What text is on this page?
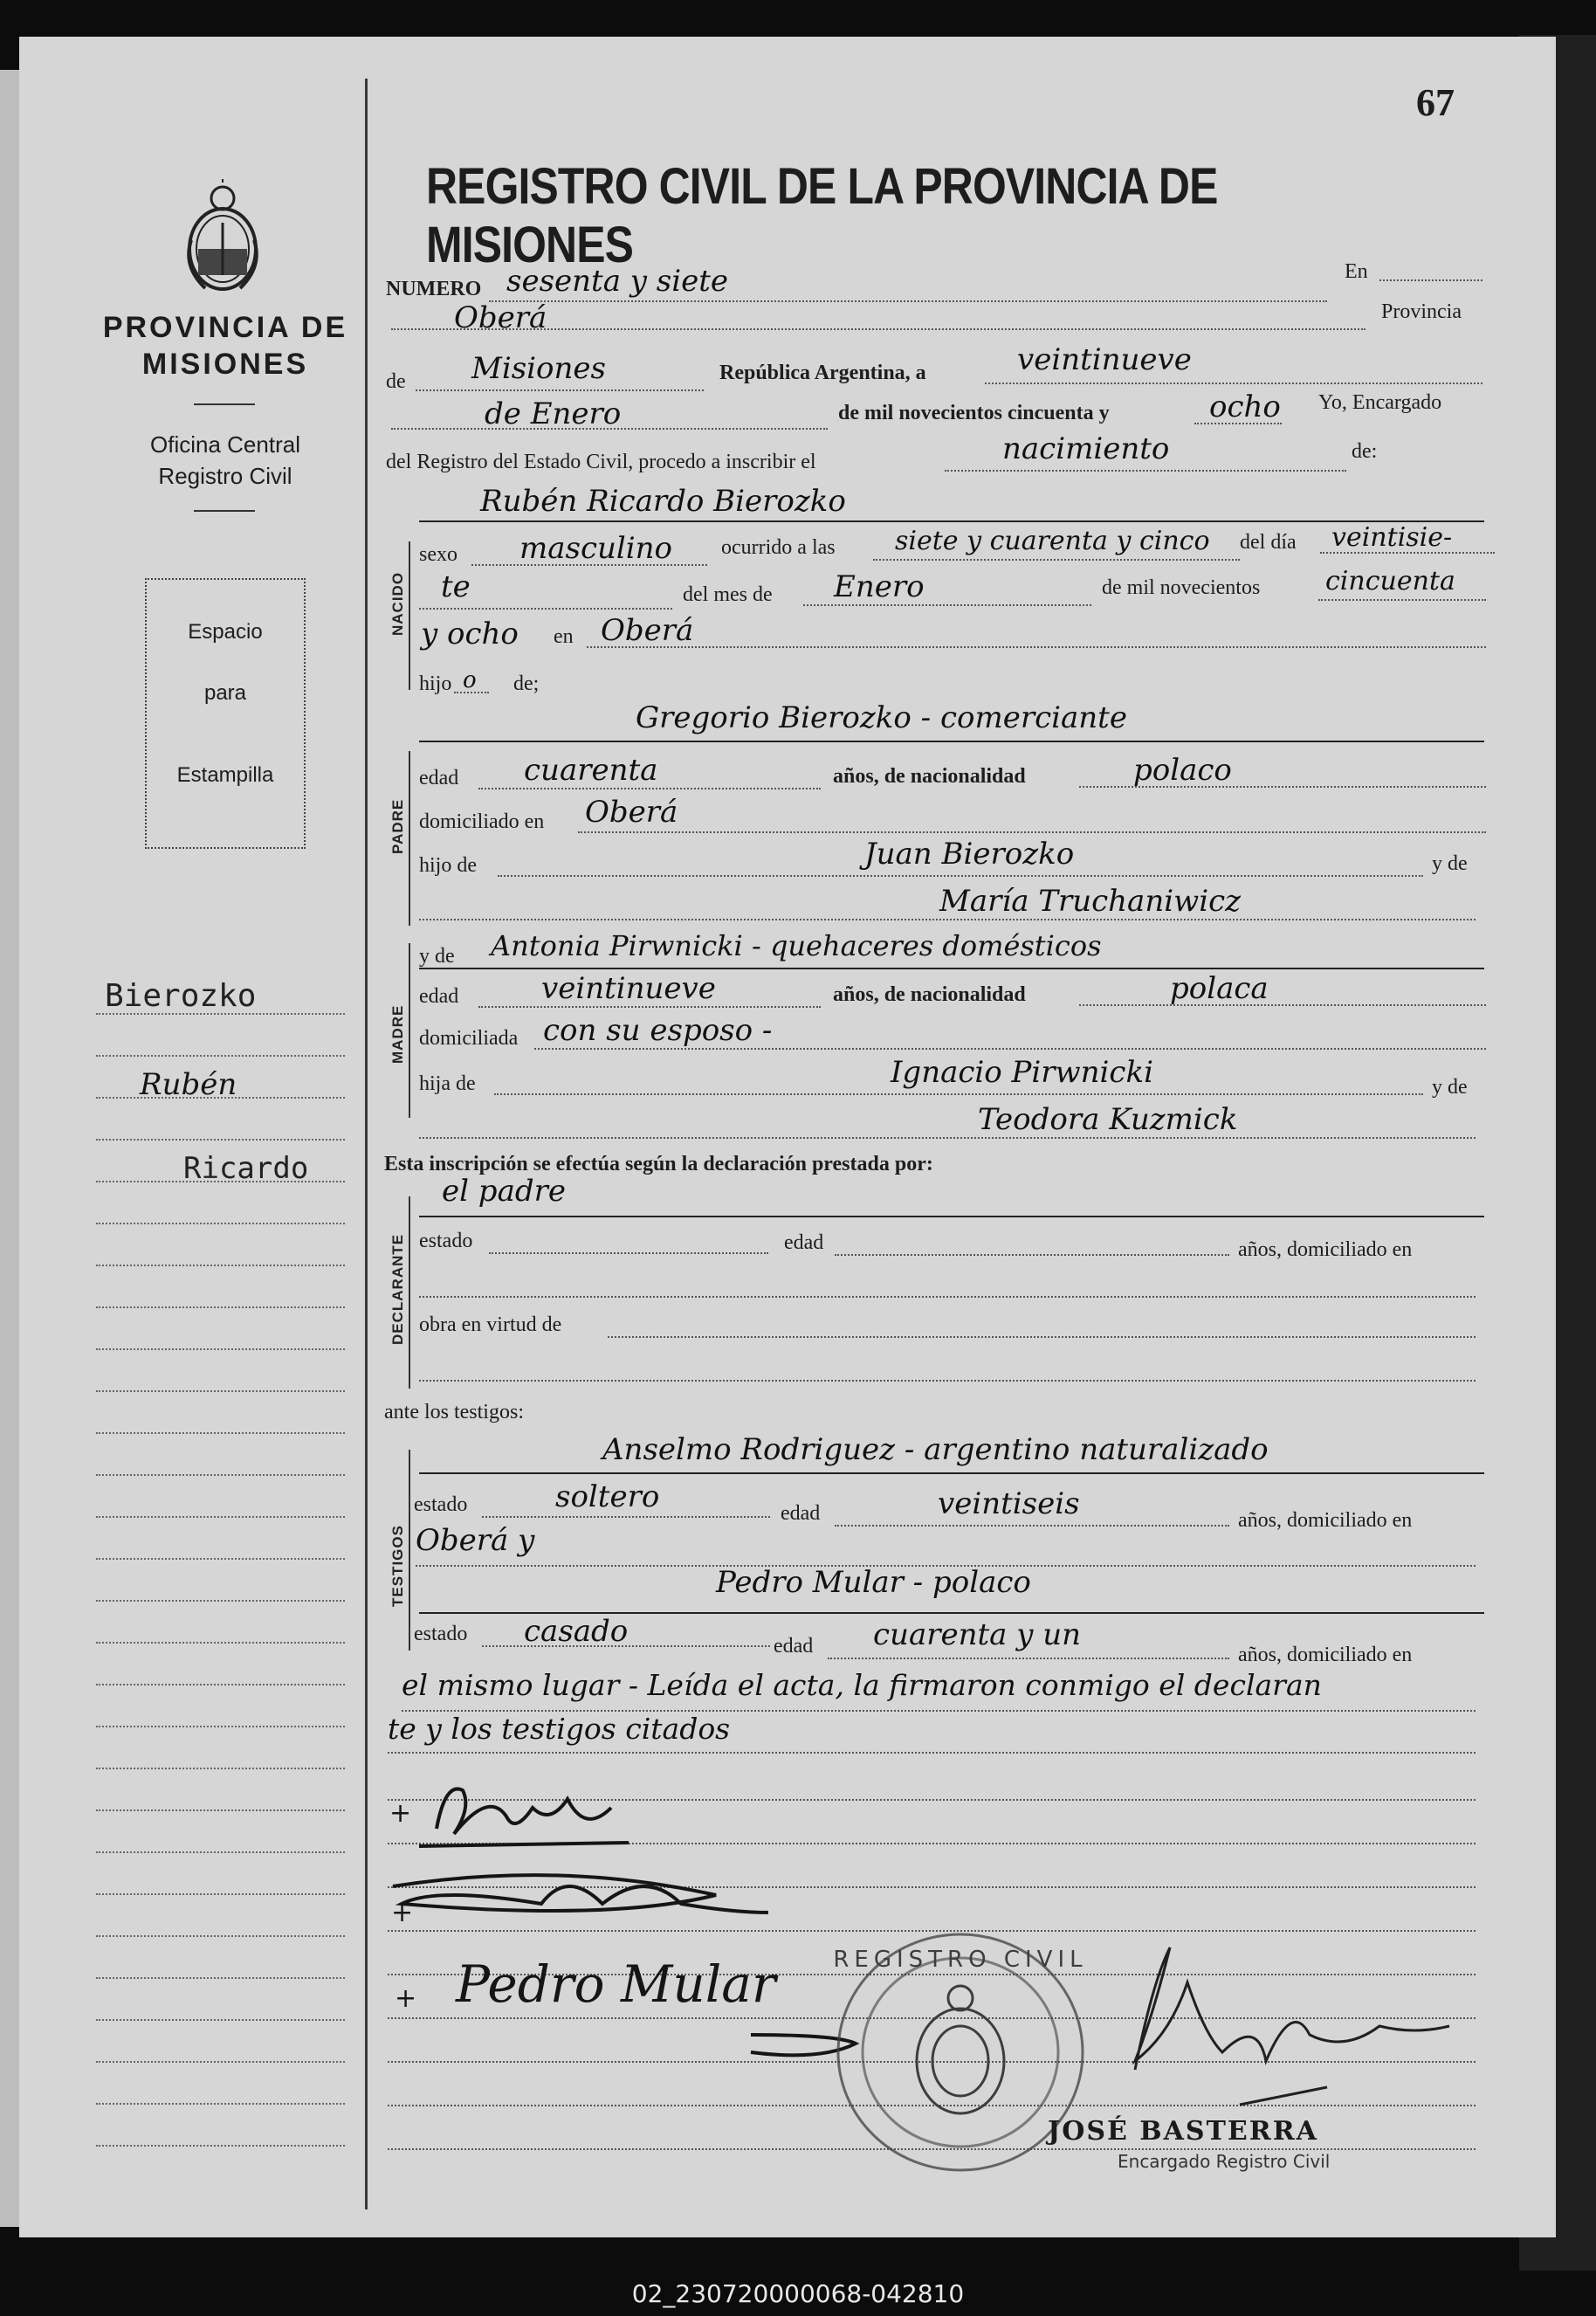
67
REGISTRO CIVIL DE LA PROVINCIA DE MISIONES
PROVINCIA DE
MISIONES
Oficina Central
Registro Civil
Espacio
para
Estampilla
Bierozko
Rubén
Ricardo
NUMERO sesenta y siete	En
Oberá	Provincia
de Misiones	República Argentina, a	veintinueve
de Enero	de mil novecientos cincuenta y	ocho Yo, Encargado
del Registro del Estado Civil, procedo a inscribir el	nacimiento	de:
NACIDO
Rubén Ricardo Bierozko
sexo masculino ocurrido a las siete y cuarenta y cinco del día veintisie-
te	del mes de Enero	de mil novecientos cincuenta
y ocho en Oberá
hijo o de;
PADRE
Gregorio Bierozko - comerciante
edad cuarenta	años, de nacionalidad	polaco
domiciliado en Oberá
hijo de	Juan Bierozko	y de
María Truchaniwicz
MADRE
y de Antonia Pirwnicki - quehaceres domésticos
edad	veintinueve	años, de nacionalidad	polaca
domiciliada con su esposo -
hija de	Ignacio Pirwnicki	y de
Teodora Kuzmick
Esta inscripción se efectúa según la declaración prestada por:
DECLARANTE
el padre
estado	edad	años, domiciliado en
obra en virtud de
ante los testigos:
TESTIGOS
Anselmo Rodriguez - argentino naturalizado
estado	soltero	edad	veintiseis	años, domiciliado en
Oberá y
Pedro Mular - polaco
estado casado	edad cuarenta y un
años, domiciliado en
el mismo lugar - Leída el acta, la firmaron conmigo el declaran
te y los testigos citados
+
+
+ Pedro Mular	REGISTRO CIVIL
JOSÉ BASTERRA
Encargado Registro Civil
02_230720000068-042810
